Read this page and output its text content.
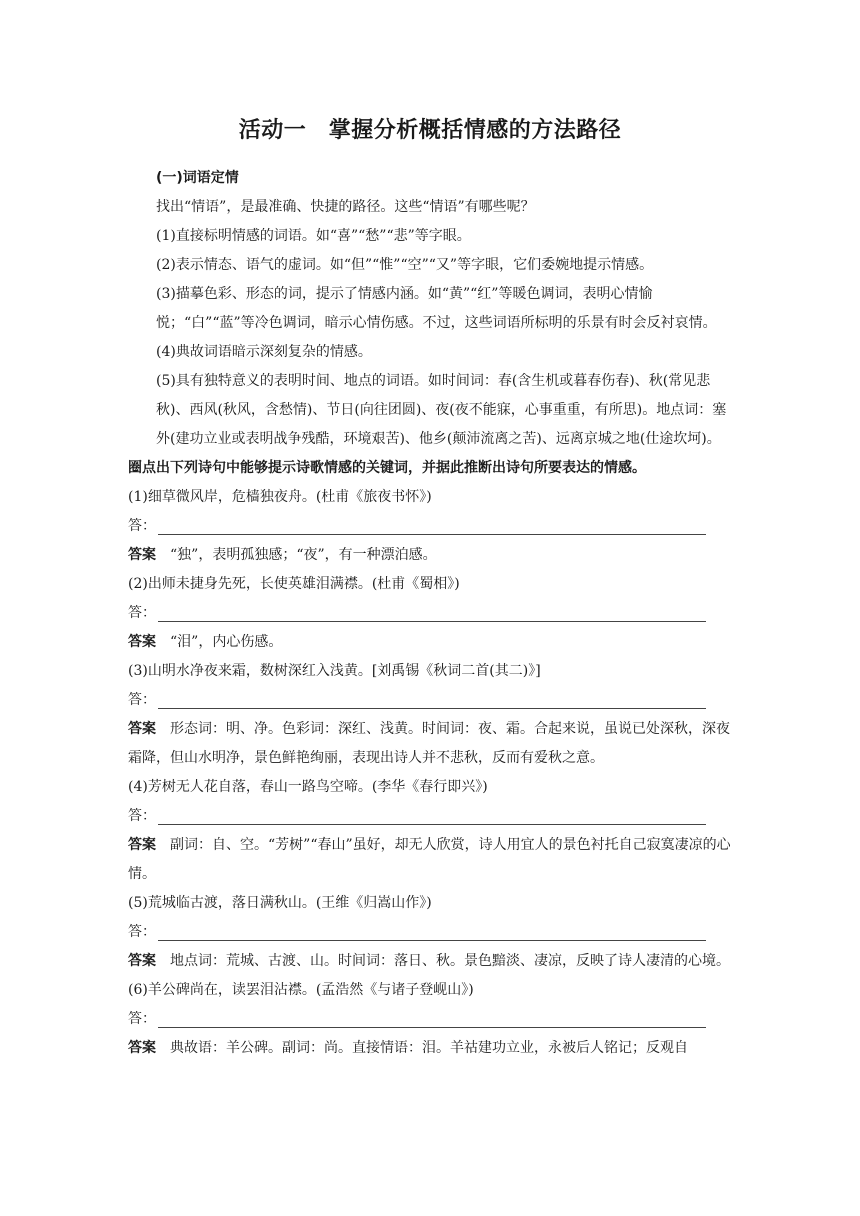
活动一　掌握分析概括情感的方法路径
(一)词语定情
找出“情语”，是最准确、快捷的路径。这些“情语”有哪些呢？
(1)直接标明情感的词语。如“喜”“愁”“悲”等字眼。
(2)表示情态、语气的虚词。如“但”“惟”“空”“又”等字眼，它们委婉地提示情感。
(3)描摹色彩、形态的词，提示了情感内涵。如“黄”“红”等暖色调词，表明心情愉悦；“白”“蓝”等冷色调词，暗示心情伤感。不过，这些词语所标明的乐景有时会反衬哀情。
(4)典故词语暗示深刻复杂的情感。
(5)具有独特意义的表明时间、地点的词语。如时间词：春(含生机或暮春伤春)、秋(常见悲秋)、西风(秋风，含愁情)、节日(向往团圆)、夜(夜不能寐，心事重重，有所思)。地点词：塞外(建功立业或表明战争残酷，环境艰苦)、他乡(颠沛流离之苦)、远离京城之地(仕途坎坷)。
圈点出下列诗句中能够提示诗歌情感的关键词，并据此推断出诗句所要表达的情感。
(1)细草微风岸，危樯独夜舟。(杜甫《旅夜书怀》)
答：
答案 “独”，表明孤独感；“夜”，有一种漂泊感。
(2)出师未捷身先死，长使英雄泪满襟。(杜甫《蜀相》)
答：
答案 “泪”，内心伤感。
(3)山明水净夜来霜，数树深红入浅黄。[刘禹锡《秋词二首(其二)》]
答：
答案 形态词：明、净。色彩词：深红、浅黄。时间词：夜、霜。合起来说，虽说已处深秋，深夜霜降，但山水明净，景色鲜艳绚丽，表现出诗人并不悲秋，反而有爱秋之意。
(4)芳树无人花自落，春山一路鸟空啼。(李华《春行即兴》)
答：
答案 副词：自、空。“芳树”“春山”虽好，却无人欣赏，诗人用宜人的景色衬托自己寂寞凄凉的心情。
(5)荒城临古渡，落日满秋山。(王维《归嵩山作》)
答：
答案 地点词：荒城、古渡、山。时间词：落日、秋。景色黯淡、凄凉，反映了诗人凄清的心境。
(6)羊公碑尚在，读罢泪沾襟。(孟浩然《与诸子登岘山》)
答：
答案 典故语：羊公碑。副词：尚。直接情语：泪。羊祜建功立业，永被后人铭记；反观自
